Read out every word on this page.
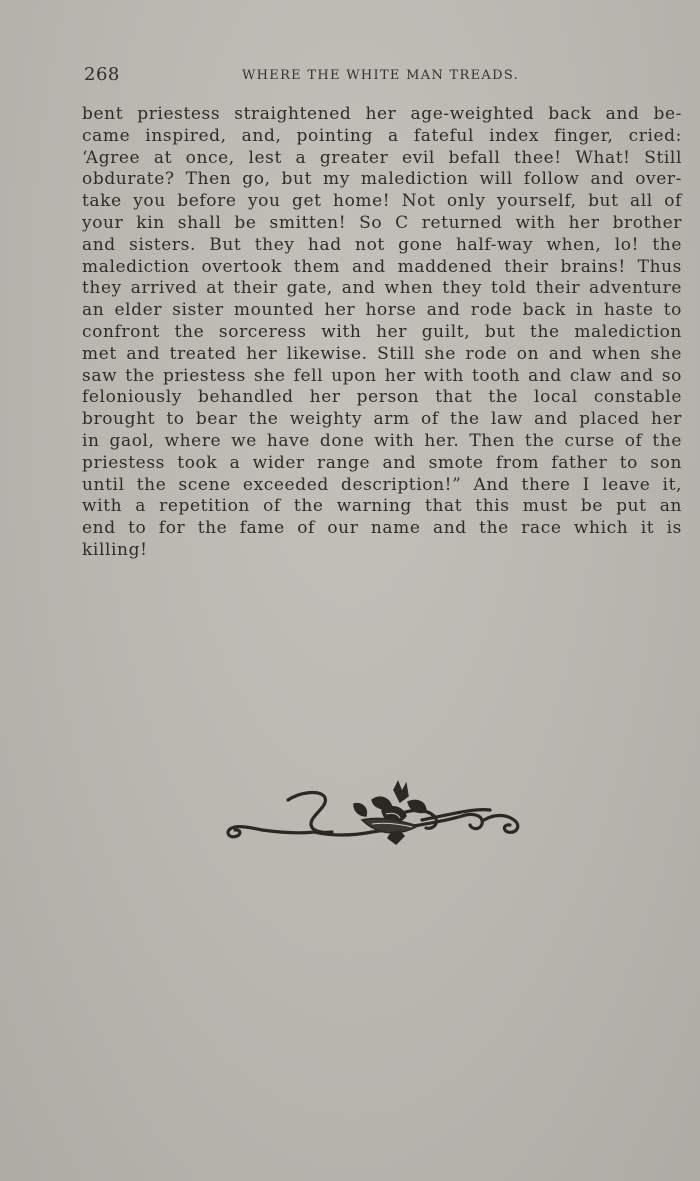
268	WHERE THE WHITE MAN TREADS.
bent priestess straightened her age-weighted back and be-
came inspired, and, pointing a fateful index finger, cried:
‘Agree at once, lest a greater evil befall thee! What! Still
obdurate? Then go, but my malediction will follow and over-
take you before you get home! Not only yourself, but all of
your kin shall be smitten! So C returned with her brother
and sisters. But they had not gone half-way when, lo! the
malediction overtook them and maddened their brains! Thus
they arrived at their gate, and when they told their adventure
an elder sister mounted her horse and rode back in haste to
confront the sorceress with her guilt, but the malediction
met and treated her likewise. Still she rode on and when she
saw the priestess she fell upon her with tooth and claw and so
feloniously behandled her person that the local constable
brought to bear the weighty arm of the law and placed her
in gaol, where we have done with her. Then the curse of the
priestess took a wider range and smote from father to son
until the scene exceeded description!” And there I leave it,
with a repetition of the warning that this must be put an
end to for the fame of our name and the race which it is
killing!
